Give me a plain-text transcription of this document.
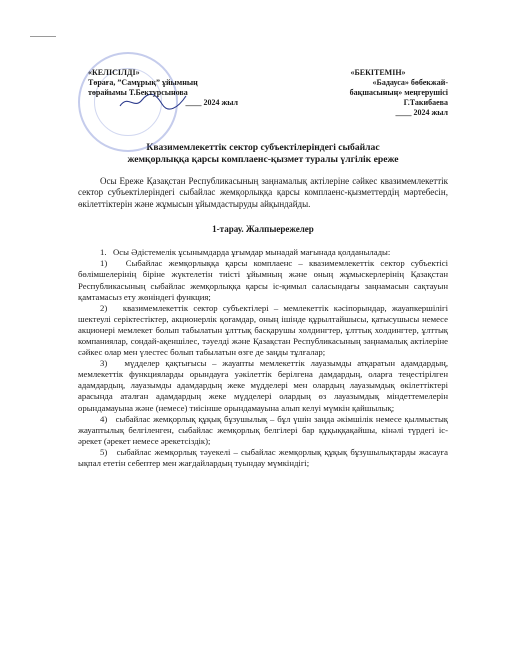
«КЕЛІСІЛДІ»
Төраға, ”Самұрық” ұйымның
төрайымы Т.Бектурсынова
____ 2024 жыл
«БЕКІТЕМІН»
«Бадауса» бөбекжай-
бақшасының» меңгерушісі
Г.Такибаева
____ 2024 жыл
Квазимемлекеттік сектор субъектілеріндегі сыбайлас
жемқорлыққа қарсы комплаенс-қызмет туралы үлгілік ереже
Осы Ереже Қазақстан Республикасының заңнамалық актілеріне сәйкес квазимемлекеттік сектор субъектілеріндегі сыбайлас жемқорлыққа қарсы комплаенс-қызметтердің мәртебесін, өкілеттіктерін және жұмысын ұйымдастыруды айқындайды.
1-тарау. Жалпыережелер

1.   Осы Әдістемелік ұсынымдарда ұғымдар мынадай мағынада қолданылады:

1)   Сыбайлас жемқорлыққа қарсы комплаенс – квазимемлекеттік сектор субъектісі бөлімшелерінің біріне жүктелетін тиісті ұйымның және оның жұмыскерлерінің Қазақстан Республикасының сыбайлас жемқорлыққа қарсы іс-қимыл саласындағы заңнамасын сақтауын қамтамасыз ету жөніндегі функция;

2)   квазимемлекеттік сектор субъектілері – мемлекеттік кәсіпорындар, жауапкершілігі шектеулі серіктестіктер, акционерлік қоғамдар, оның ішінде құрылтайшысы, қатысушысы немесе акционері мемлекет болып табылатын ұлттық басқарушы холдингтер, ұлттық холдингтер, ұлттық компаниялар, сондай-ақеншілес, тәуелді және Қазақстан Республикасының заңнамалық актілеріне сәйкес олар мен үлестес болып табылатын өзге де заңды тұлғалар;

3)   мүдделер қақтығысы – жауапты мемлекеттік лауазымды атқаратын адамдардың, мемлекеттік функцияларды орындауға уәкілеттік берілгена дамдардың, оларға теңестірілген адамдардың, лауазымды адамдардың жеке мүдделері мен олардың лауазымдық өкілеттіктері арасында аталған адамдардың жеке мүдделері олардың өз лауазымдық міндеттемелерін орындамауына және (немесе) тиісінше орындамауына алып келуі мүмкін қайшылық;

4)   сыбайлас жемқорлық құқық бұзушылық – бұл үшін заңда әкімшілік немесе қылмыстық жауаптылық белгіленген, сыбайлас жемқорлық белгілері бар құқыққақайшы, кінәлі түрдегі іс-әрекет (әрекет немесе әрекетсіздік);

5)   сыбайлас жемқорлық тәуекелі – сыбайлас жемқорлық құқық бұзушылықтарды жасауға ықпал ететін себептер мен жағдайлардың туындау мүмкіндігі;
